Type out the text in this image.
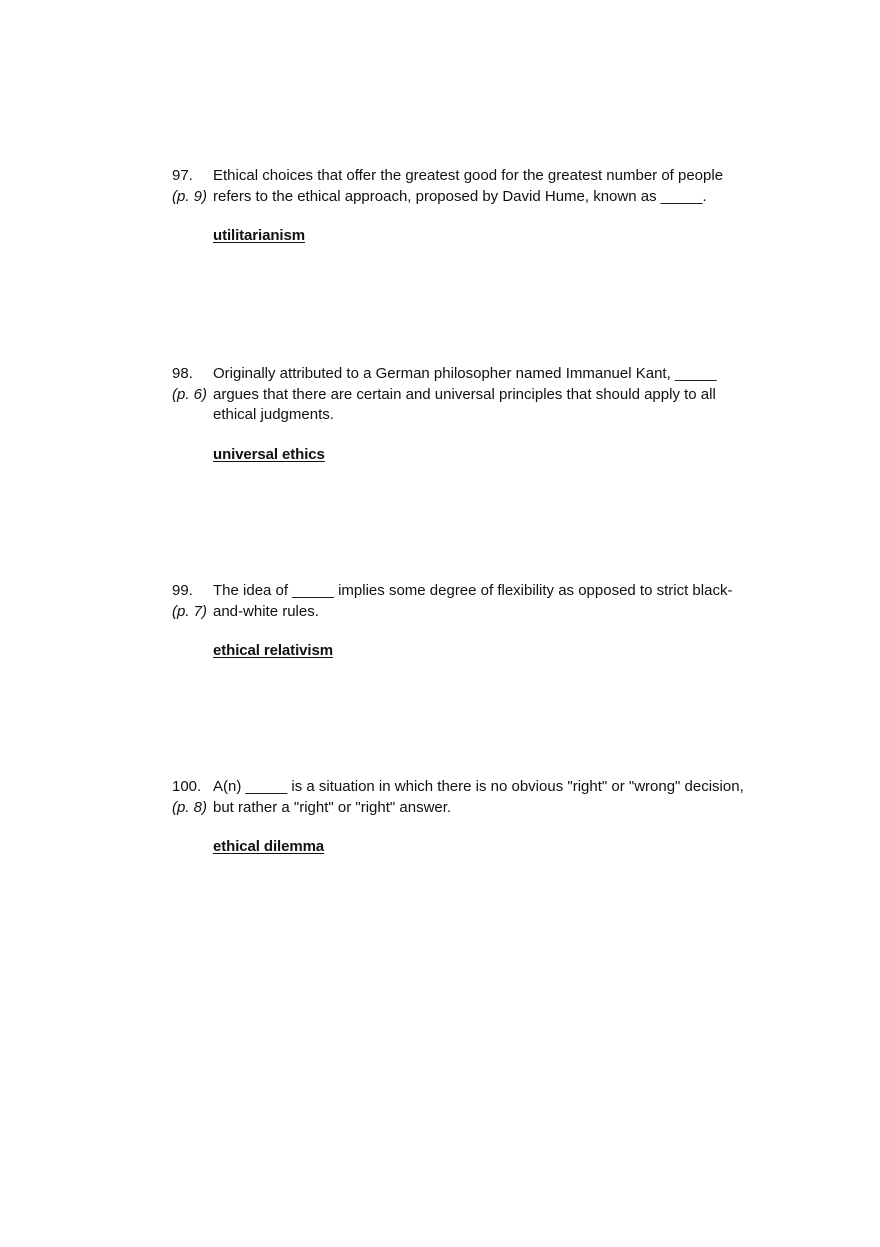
97.
(p. 9)
Ethical choices that offer the greatest good for the greatest number of people
refers to the ethical approach, proposed by David Hume, known as _____.
utilitarianism
98.
(p. 6)
Originally attributed to a German philosopher named Immanuel Kant, _____
argues that there are certain and universal principles that should apply to all
ethical judgments.
universal ethics
99.
(p. 7)
The idea of _____ implies some degree of flexibility as opposed to strict black-
and-white rules.
ethical relativism
100.
(p. 8)
A(n) _____ is a situation in which there is no obvious "right" or "wrong" decision,
but rather a "right" or "right" answer.
ethical dilemma
